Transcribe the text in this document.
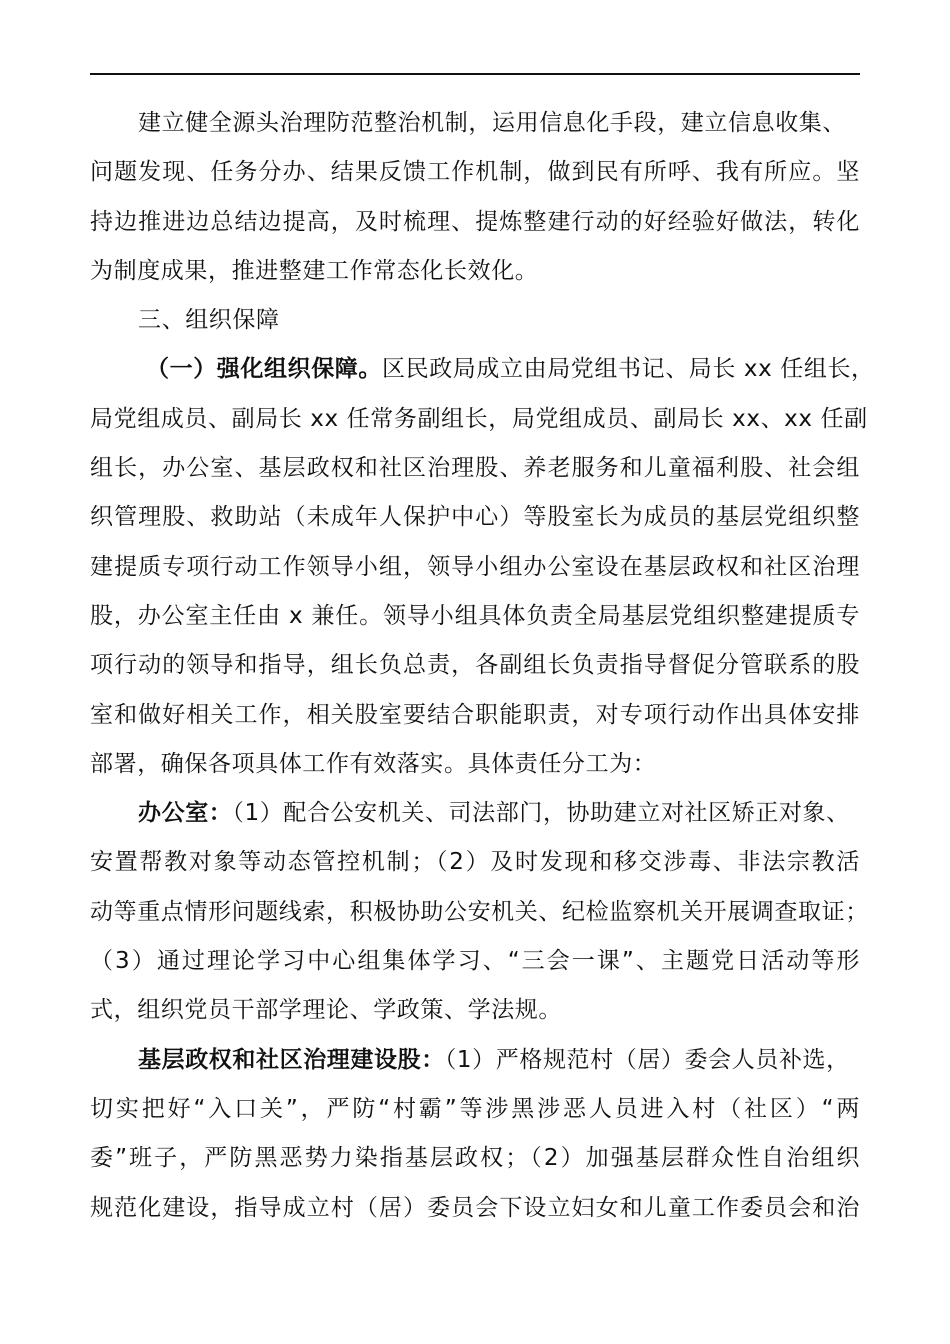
建立健全源头治理防范整治机制，运用信息化手段，建立信息收集、
问题发现、任务分办、结果反馈工作机制，做到民有所呼、我有所应。坚
持边推进边总结边提高，及时梳理、提炼整建行动的好经验好做法，转化
为制度成果，推进整建工作常态化长效化。
三、组织保障
（一）强化组织保障。区民政局成立由局党组书记、局长 xx 任组长，
局党组成员、副局长 xx 任常务副组长，局党组成员、副局长 xx、xx 任副
组长，办公室、基层政权和社区治理股、养老服务和儿童福利股、社会组
织管理股、救助站（未成年人保护中心）等股室长为成员的基层党组织整
建提质专项行动工作领导小组，领导小组办公室设在基层政权和社区治理
股，办公室主任由 x 兼任。领导小组具体负责全局基层党组织整建提质专
项行动的领导和指导，组长负总责，各副组长负责指导督促分管联系的股
室和做好相关工作，相关股室要结合职能职责，对专项行动作出具体安排
部署，确保各项具体工作有效落实。具体责任分工为：
办公室：（1）配合公安机关、司法部门，协助建立对社区矫正对象、
安置帮教对象等动态管控机制；（2）及时发现和移交涉毒、非法宗教活
动等重点情形问题线索，积极协助公安机关、纪检监察机关开展调查取证；
（3）通过理论学习中心组集体学习、“三会一课”、主题党日活动等形
式，组织党员干部学理论、学政策、学法规。
基层政权和社区治理建设股：（1）严格规范村（居）委会人员补选，
切实把好“入口关”，严防“村霸”等涉黑涉恶人员进入村（社区）“两
委”班子，严防黑恶势力染指基层政权；（2）加强基层群众性自治组织
规范化建设，指导成立村（居）委员会下设立妇女和儿童工作委员会和治
